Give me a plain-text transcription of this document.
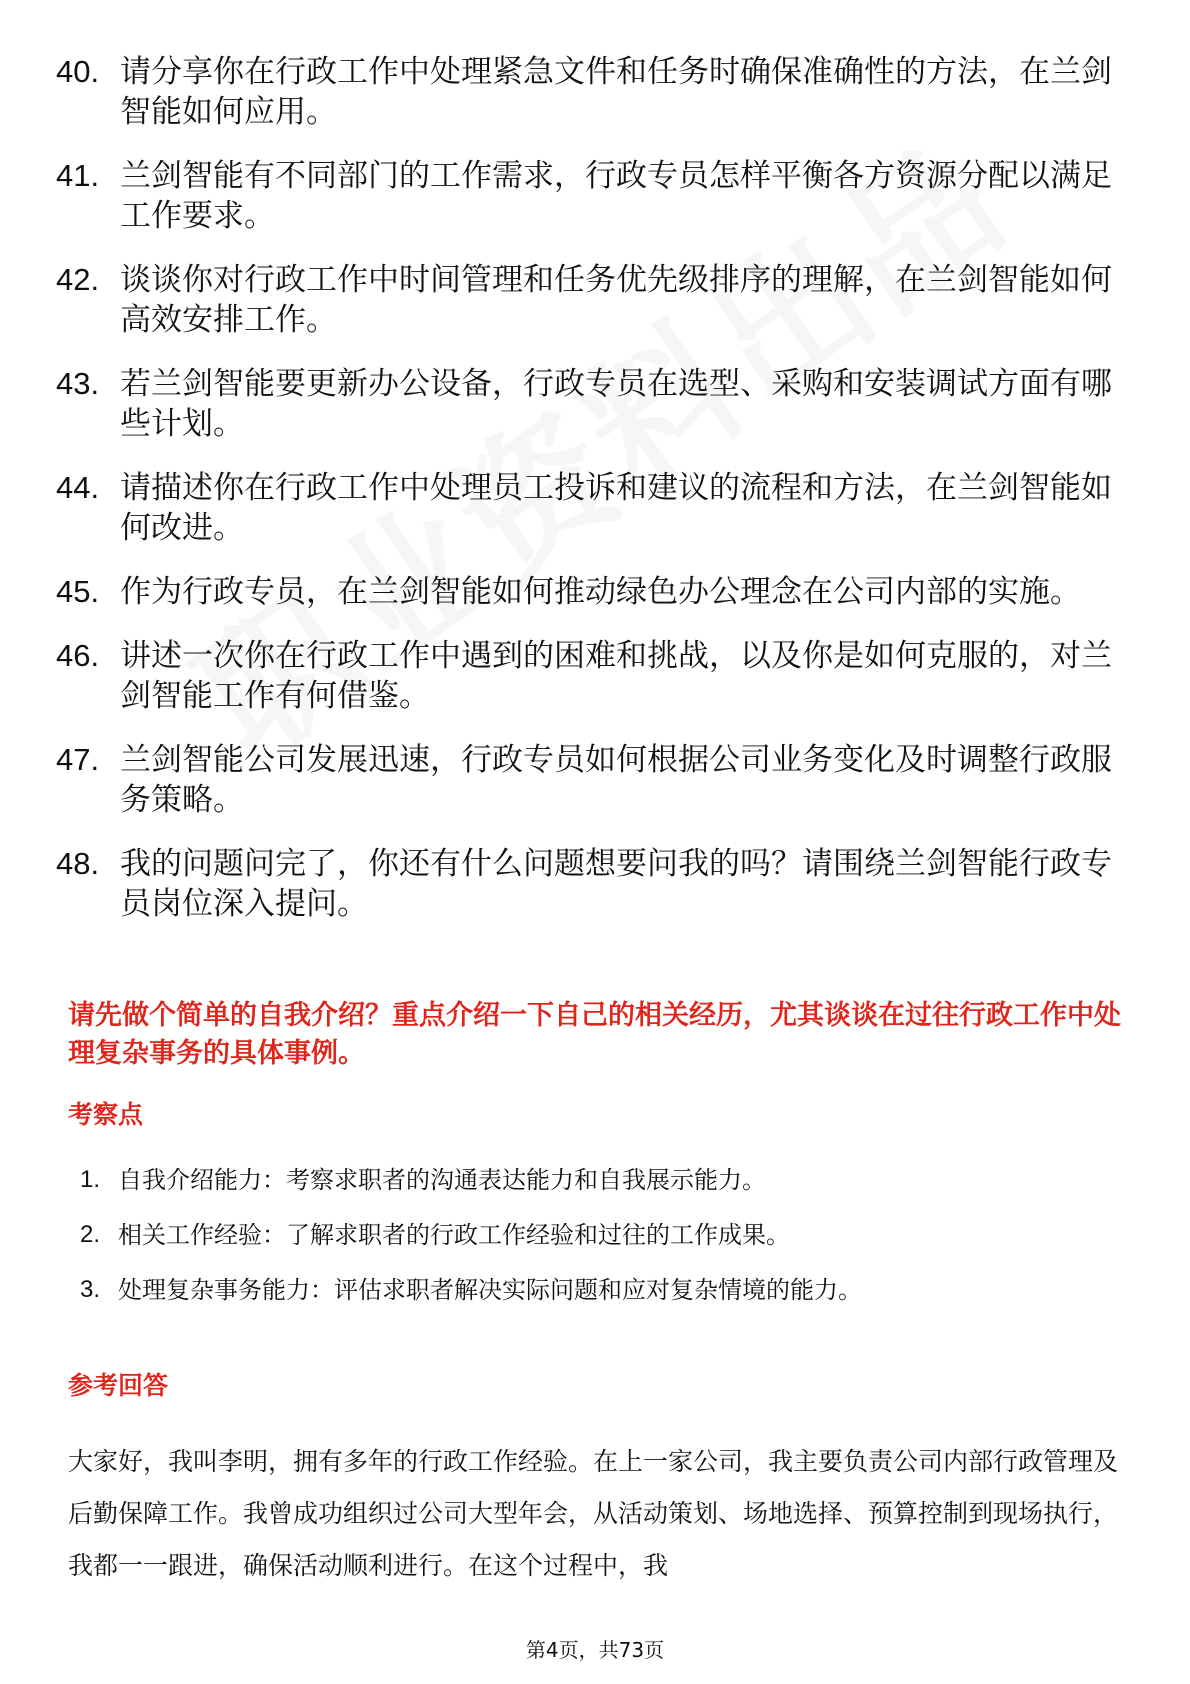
40. 请分享你在行政工作中处理紧急文件和任务时确保准确性的方法，在兰剑智能如何应用。
41. 兰剑智能有不同部门的工作需求，行政专员怎样平衡各方资源分配以满足工作要求。
42. 谈谈你对行政工作中时间管理和任务优先级排序的理解，在兰剑智能如何高效安排工作。
43. 若兰剑智能要更新办公设备，行政专员在选型、采购和安装调试方面有哪些计划。
44. 请描述你在行政工作中处理员工投诉和建议的流程和方法，在兰剑智能如何改进。
45. 作为行政专员，在兰剑智能如何推动绿色办公理念在公司内部的实施。
46. 讲述一次你在行政工作中遇到的困难和挑战，以及你是如何克服的，对兰剑智能工作有何借鉴。
47. 兰剑智能公司发展迅速，行政专员如何根据公司业务变化及时调整行政服务策略。
48. 我的问题问完了，你还有什么问题想要问我的吗？请围绕兰剑智能行政专员岗位深入提问。
请先做个简单的自我介绍？重点介绍一下自己的相关经历，尤其谈谈在过往行政工作中处理复杂事务的具体事例。
考察点
1. 自我介绍能力：考察求职者的沟通表达能力和自我展示能力。
2. 相关工作经验：了解求职者的行政工作经验和过往的工作成果。
3. 处理复杂事务能力：评估求职者解决实际问题和应对复杂情境的能力。
参考回答

大家好，我叫李明，拥有多年的行政工作经验。在上一家公司，我主要负责公司内部行政管理及后勤保障工作。我曾成功组织过公司大型年会，从活动策划、场地选择、预算控制到现场执行，我都一一跟进，确保活动顺利进行。在这个过程中，我

第4页，共73页
